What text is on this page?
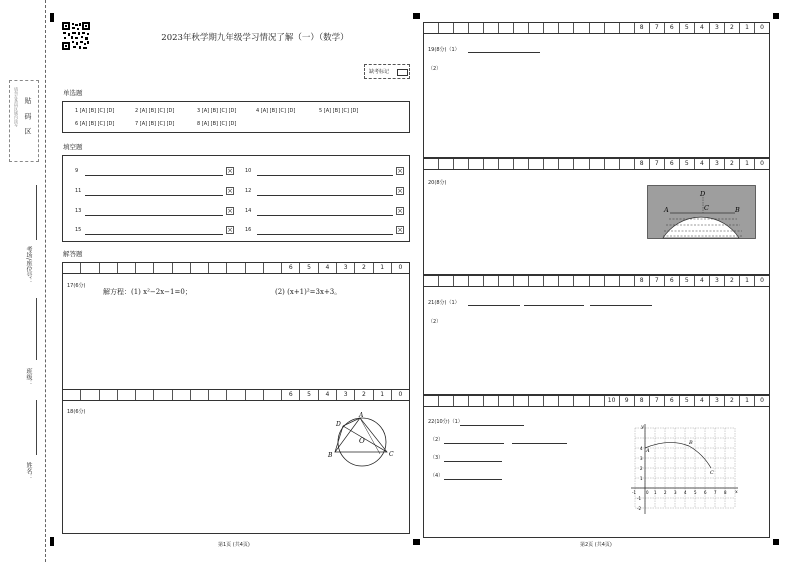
贴 码 区
请勿在条码区域内涂写
考场/座位号：
班级：
姓名：
2023年秋学期九年级学习情况了解（一）（数学）
缺考标记
单选题
1 [A] [B] [C] [D]	2 [A] [B] [C] [D]	3 [A] [B] [C] [D]	4 [A] [B] [C] [D]	5 [A] [B] [C] [D]
6 [A] [B] [C] [D]	7 [A] [B] [C] [D]	8 [A] [B] [C] [D]
填空题
9	× 10	×
11	× 12	×
13	× 14	×
15	× 16	×
解答题
6	5	4	3	2	1	0
17(6分)
解方程：(1) x²−2x−1=0；	(2) (x+1)²=3x+3。
6	5	4	3	2	1	0
18(6分)	A
D
O
B	C
第1页 (共4页)
8	7	6	5	4	3	2	1	0
19(8分)（1）
（2）
8	7	6	5	4	3	2	1	0
20(8分)
D
C
A	B
8	7	6	5	4	3	2	1	0
21(8分)（1）
（2）
10	9	8	7	6	5	4	3	2	1	0
22(10分)（1）
（2）
（3）
（4）
y
x
A
B
C
-1	0 1 2 3 4 5 6 7 8
4
3
2
1
-1
-2
第2页 (共4页)
